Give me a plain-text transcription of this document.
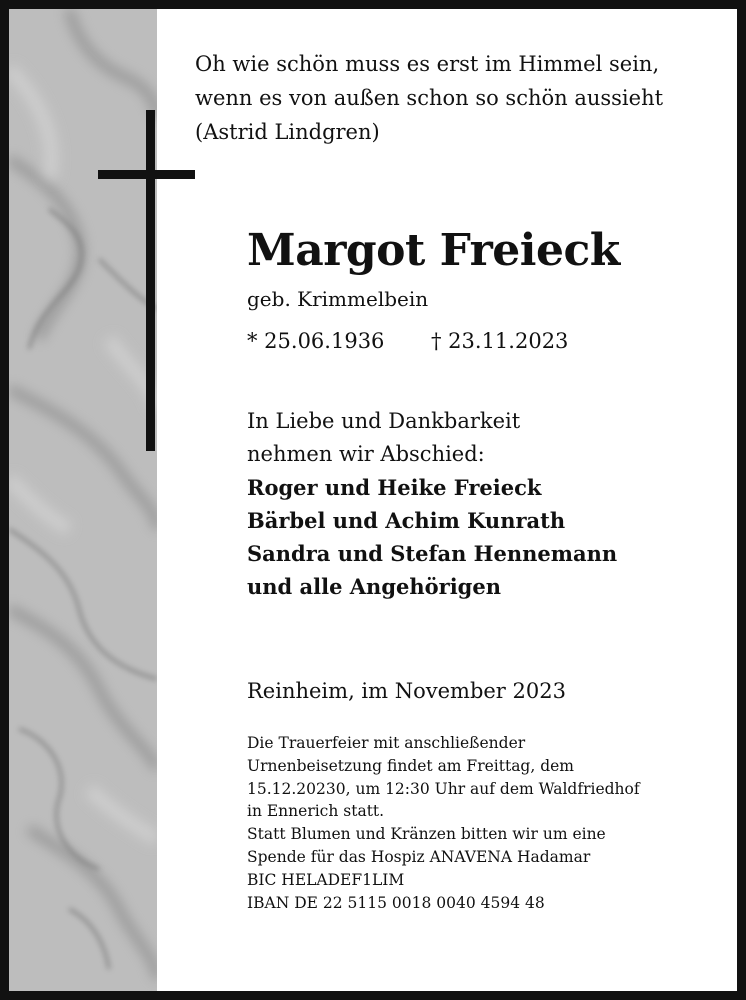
Oh wie schön muss es erst im Himmel sein,
wenn es von außen schon so schön aussieht
(Astrid Lindgren)
Margot Freieck
geb. Krimmelbein
* 25.06.1936 † 23.11.2023
In Liebe und Dankbarkeit
nehmen wir Abschied:
Roger und Heike Freieck
Bärbel und Achim Kunrath
Sandra und Stefan Hennemann
und alle Angehörigen
Reinheim, im November 2023
Die Trauerfeier mit anschließender
Urnenbeisetzung findet am Freittag, dem
15.12.20230, um 12:30 Uhr auf dem Waldfriedhof
in Ennerich statt.
Statt Blumen und Kränzen bitten wir um eine
Spende für das Hospiz ANAVENA Hadamar
BIC HELADEF1LIM
IBAN DE 22 5115 0018 0040 4594 48
